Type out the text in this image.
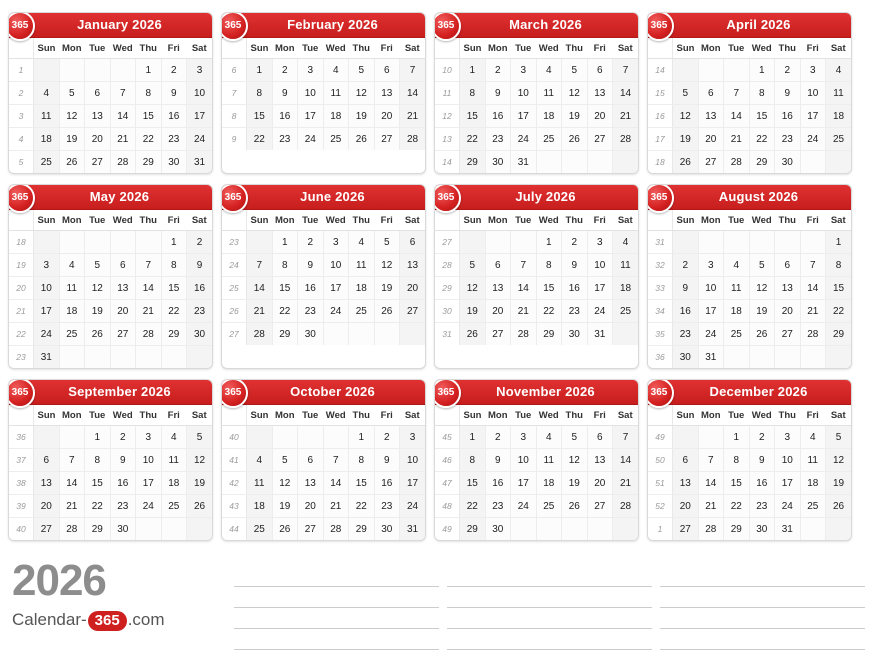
365	January 2026
	Sun	Mon	Tue	Wed	Thu	Fri	Sat
1					1	2	3
2	4	5	6	7	8	9	10
3	11	12	13	14	15	16	17
4	18	19	20	21	22	23	24
5	25	26	27	28	29	30	31
365	February 2026
	Sun	Mon	Tue	Wed	Thu	Fri	Sat
6	1	2	3	4	5	6	7
7	8	9	10	11	12	13	14
8	15	16	17	18	19	20	21
9	22	23	24	25	26	27	28
365	March 2026
	Sun	Mon	Tue	Wed	Thu	Fri	Sat
10	1	2	3	4	5	6	7
11	8	9	10	11	12	13	14
12	15	16	17	18	19	20	21
13	22	23	24	25	26	27	28
14	29	30	31				
365	April 2026
	Sun	Mon	Tue	Wed	Thu	Fri	Sat
14				1	2	3	4
15	5	6	7	8	9	10	11
16	12	13	14	15	16	17	18
17	19	20	21	22	23	24	25
18	26	27	28	29	30		
365	May 2026
	Sun	Mon	Tue	Wed	Thu	Fri	Sat
18						1	2
19	3	4	5	6	7	8	9
20	10	11	12	13	14	15	16
21	17	18	19	20	21	22	23
22	24	25	26	27	28	29	30
23	31						
365	June 2026
	Sun	Mon	Tue	Wed	Thu	Fri	Sat
23		1	2	3	4	5	6
24	7	8	9	10	11	12	13
25	14	15	16	17	18	19	20
26	21	22	23	24	25	26	27
27	28	29	30				
365	July 2026
	Sun	Mon	Tue	Wed	Thu	Fri	Sat
27				1	2	3	4
28	5	6	7	8	9	10	11
29	12	13	14	15	16	17	18
30	19	20	21	22	23	24	25
31	26	27	28	29	30	31	
365	August 2026
	Sun	Mon	Tue	Wed	Thu	Fri	Sat
31							1
32	2	3	4	5	6	7	8
33	9	10	11	12	13	14	15
34	16	17	18	19	20	21	22
35	23	24	25	26	27	28	29
36	30	31					
365	September 2026
	Sun	Mon	Tue	Wed	Thu	Fri	Sat
36			1	2	3	4	5
37	6	7	8	9	10	11	12
38	13	14	15	16	17	18	19
39	20	21	22	23	24	25	26
40	27	28	29	30			
365	October 2026
	Sun	Mon	Tue	Wed	Thu	Fri	Sat
40					1	2	3
41	4	5	6	7	8	9	10
42	11	12	13	14	15	16	17
43	18	19	20	21	22	23	24
44	25	26	27	28	29	30	31
365	November 2026
	Sun	Mon	Tue	Wed	Thu	Fri	Sat
45	1	2	3	4	5	6	7
46	8	9	10	11	12	13	14
47	15	16	17	18	19	20	21
48	22	23	24	25	26	27	28
49	29	30					
365	December 2026
	Sun	Mon	Tue	Wed	Thu	Fri	Sat
49			1	2	3	4	5
50	6	7	8	9	10	11	12
51	13	14	15	16	17	18	19
52	20	21	22	23	24	25	26
1	27	28	29	30	31		
2026
Calendar- 365 .com
